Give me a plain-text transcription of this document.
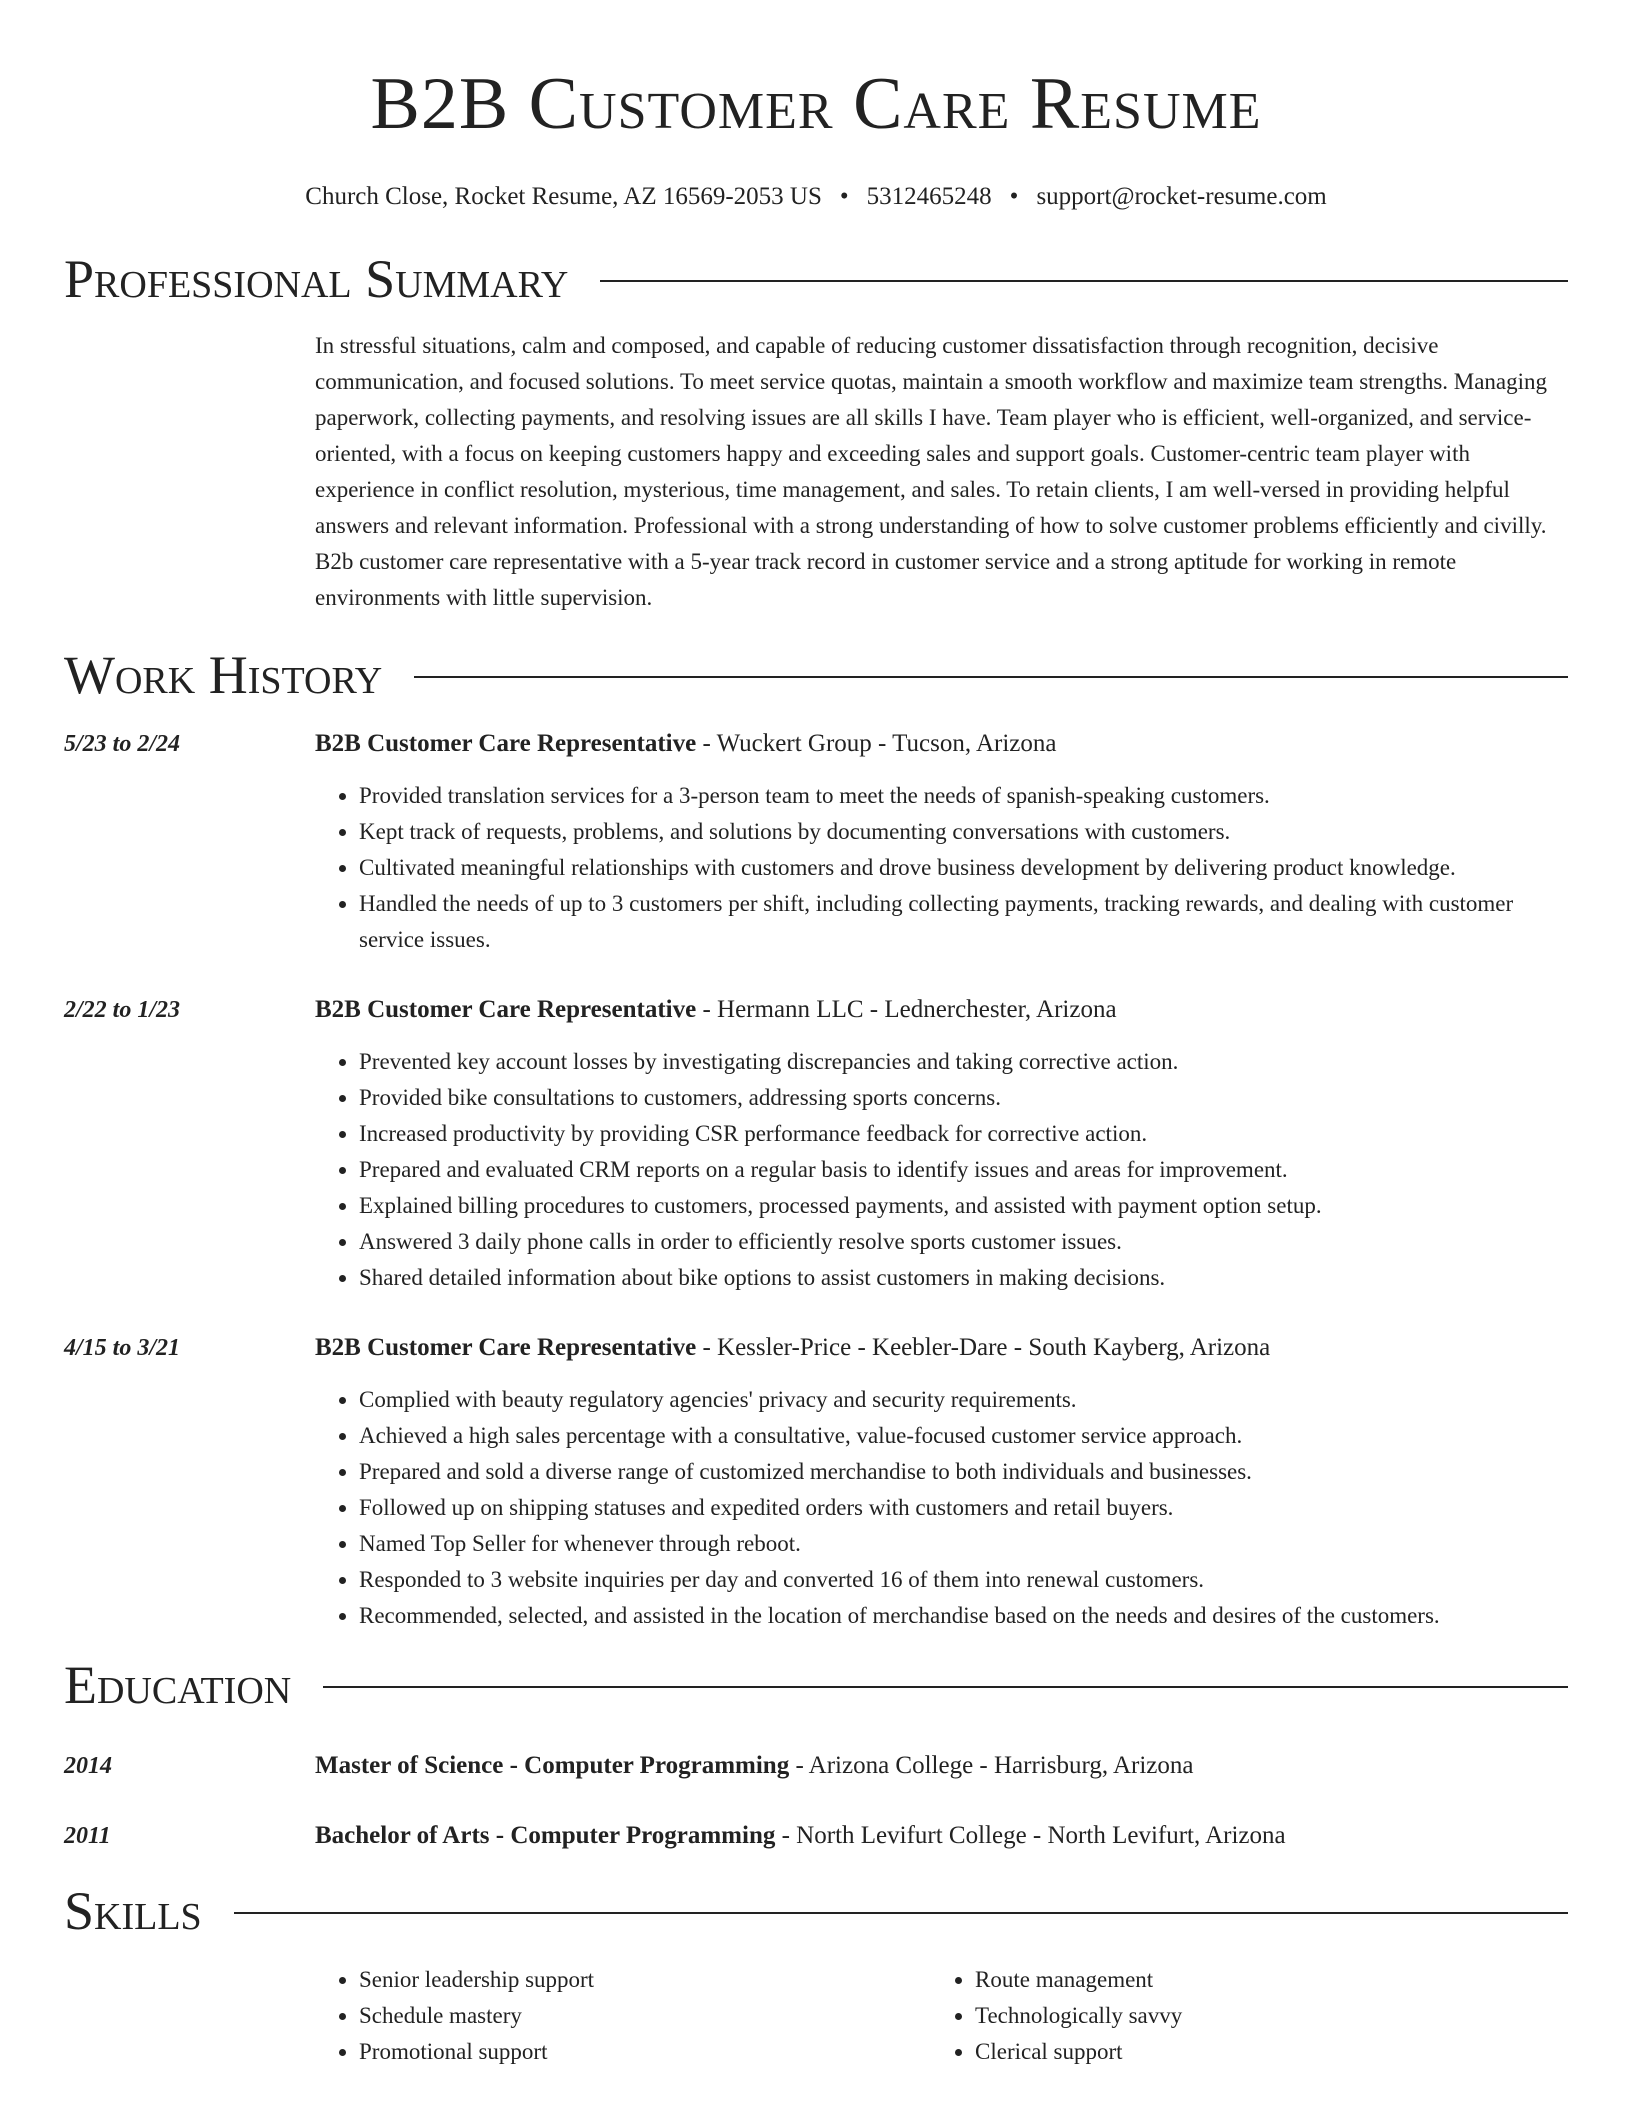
B2B Customer Care Resume
Church Close, Rocket Resume, AZ 16569-2053 US • 5312465248 • support@rocket-resume.com
Professional Summary
In stressful situations, calm and composed, and capable of reducing customer dissatisfaction through recognition, decisive communication, and focused solutions. To meet service quotas, maintain a smooth workflow and maximize team strengths. Managing paperwork, collecting payments, and resolving issues are all skills I have. Team player who is efficient, well-organized, and service-oriented, with a focus on keeping customers happy and exceeding sales and support goals. Customer-centric team player with experience in conflict resolution, mysterious, time management, and sales. To retain clients, I am well-versed in providing helpful answers and relevant information. Professional with a strong understanding of how to solve customer problems efficiently and civilly. B2b customer care representative with a 5-year track record in customer service and a strong aptitude for working in remote environments with little supervision.
Work History
5/23 to 2/24	B2B Customer Care Representative - Wuckert Group - Tucson, Arizona
• Provided translation services for a 3-person team to meet the needs of spanish-speaking customers.
• Kept track of requests, problems, and solutions by documenting conversations with customers.
• Cultivated meaningful relationships with customers and drove business development by delivering product knowledge.
• Handled the needs of up to 3 customers per shift, including collecting payments, tracking rewards, and dealing with customer service issues.
2/22 to 1/23	B2B Customer Care Representative - Hermann LLC - Lednerchester, Arizona
• Prevented key account losses by investigating discrepancies and taking corrective action.
• Provided bike consultations to customers, addressing sports concerns.
• Increased productivity by providing CSR performance feedback for corrective action.
• Prepared and evaluated CRM reports on a regular basis to identify issues and areas for improvement.
• Explained billing procedures to customers, processed payments, and assisted with payment option setup.
• Answered 3 daily phone calls in order to efficiently resolve sports customer issues.
• Shared detailed information about bike options to assist customers in making decisions.
4/15 to 3/21	B2B Customer Care Representative - Kessler-Price - Keebler-Dare - South Kayberg, Arizona
• Complied with beauty regulatory agencies' privacy and security requirements.
• Achieved a high sales percentage with a consultative, value-focused customer service approach.
• Prepared and sold a diverse range of customized merchandise to both individuals and businesses.
• Followed up on shipping statuses and expedited orders with customers and retail buyers.
• Named Top Seller for whenever through reboot.
• Responded to 3 website inquiries per day and converted 16 of them into renewal customers.
• Recommended, selected, and assisted in the location of merchandise based on the needs and desires of the customers.
Education
2014	Master of Science - Computer Programming - Arizona College - Harrisburg, Arizona
2011	Bachelor of Arts - Computer Programming - North Levifurt College - North Levifurt, Arizona
Skills
• Senior leadership support
• Schedule mastery
• Promotional support
• Route management
• Technologically savvy
• Clerical support
